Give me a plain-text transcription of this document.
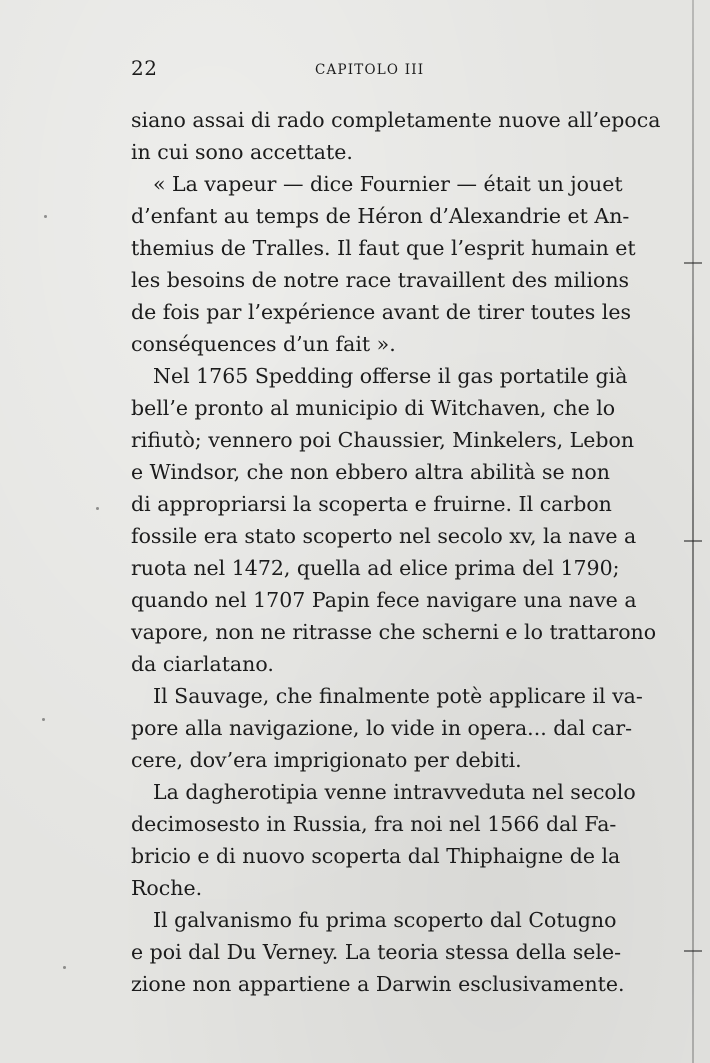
22	CAPITOLO III
siano assai di rado completamente nuove all’epoca
in cui sono accettate.
« La vapeur — dice Fournier — était un jouet
d’enfant au temps de Héron d’Alexandrie et An-
themius de Tralles. Il faut que l’esprit humain et
les besoins de notre race travaillent des milions
de fois par l’expérience avant de tirer toutes les
conséquences d’un fait ».
Nel 1765 Spedding offerse il gas portatile già
bell’e pronto al municipio di Witchaven, che lo
rifiutò; vennero poi Chaussier, Minkelers, Lebon
e Windsor, che non ebbero altra abilità se non
di appropriarsi la scoperta e fruirne. Il carbon
fossile era stato scoperto nel secolo xv, la nave a
ruota nel 1472, quella ad elice prima del 1790;
quando nel 1707 Papin fece navigare una nave a
vapore, non ne ritrasse che scherni e lo trattarono
da ciarlatano.
Il Sauvage, che finalmente potè applicare il va-
pore alla navigazione, lo vide in opera... dal car-
cere, dov’era imprigionato per debiti.
La dagherotipia venne intravveduta nel secolo
decimosesto in Russia, fra noi nel 1566 dal Fa-
bricio e di nuovo scoperta dal Thiphaigne de la
Roche.
Il galvanismo fu prima scoperto dal Cotugno
e poi dal Du Verney. La teoria stessa della sele-
zione non appartiene a Darwin esclusivamente.
